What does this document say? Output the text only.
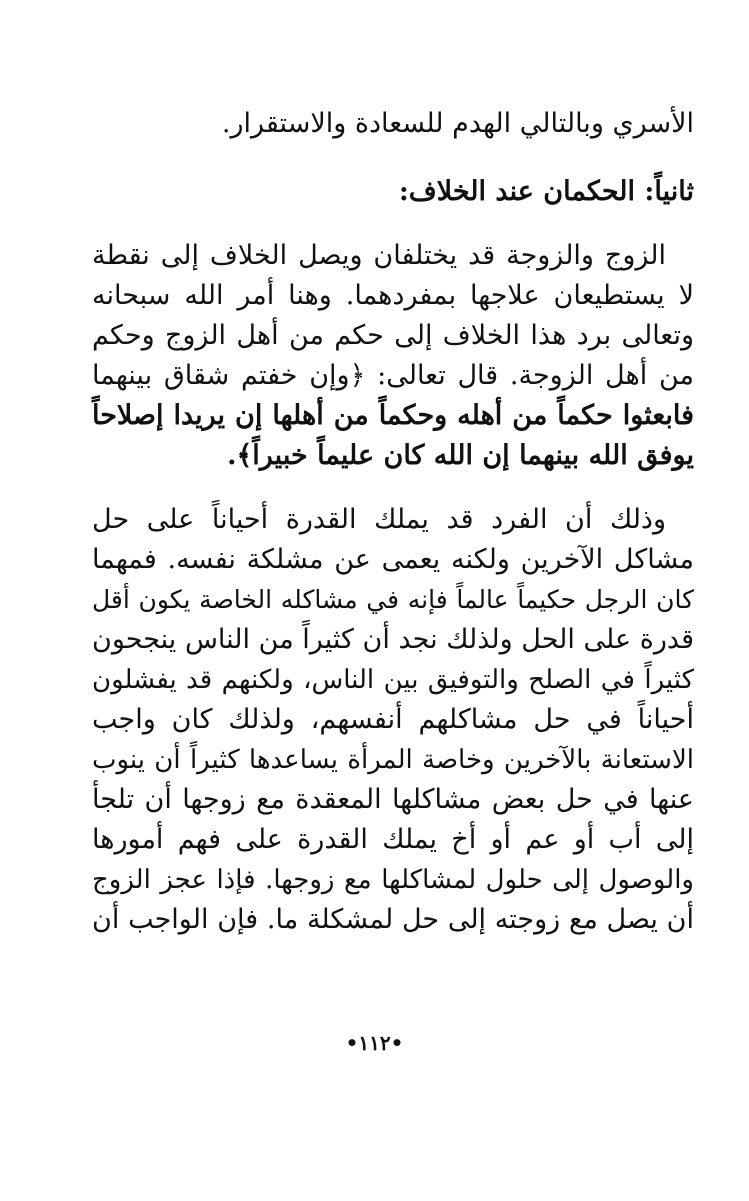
الأسري وبالتالي الهدم للسعادة والاستقرار.
ثانياً: الحكمان عند الخلاف:
الزوج والزوجة قد يختلفان ويصل الخلاف إلى نقطة
لا يستطيعان علاجها بمفردهما. وهنا أمر الله سبحانه
وتعالى برد هذا الخلاف إلى حكم من أهل الزوج وحكم
من أهل الزوجة. قال تعالى: ﴿وإن خفتم شقاق بينهما
فابعثوا حكماً من أهله وحكماً من أهلها إن يريدا إصلاحاً
يوفق الله بينهما إن الله كان عليماً خبيراً﴾.
وذلك أن الفرد قد يملك القدرة أحياناً على حل
مشاكل الآخرين ولكنه يعمى عن مشلكة نفسه. فمهما
كان الرجل حكيماً عالماً فإنه في مشاكله الخاصة يكون أقل
قدرة على الحل ولذلك نجد أن كثيراً من الناس ينجحون
كثيراً في الصلح والتوفيق بين الناس، ولكنهم قد يفشلون
أحياناً في حل مشاكلهم أنفسهم، ولذلك كان واجب
الاستعانة بالآخرين وخاصة المرأة يساعدها كثيراً أن ينوب
عنها في حل بعض مشاكلها المعقدة مع زوجها أن تلجأ
إلى أب أو عم أو أخ يملك القدرة على فهم أمورها
والوصول إلى حلول لمشاكلها مع زوجها. فإذا عجز الزوج
أن يصل مع زوجته إلى حل لمشكلة ما. فإن الواجب أن
•١١٢•
